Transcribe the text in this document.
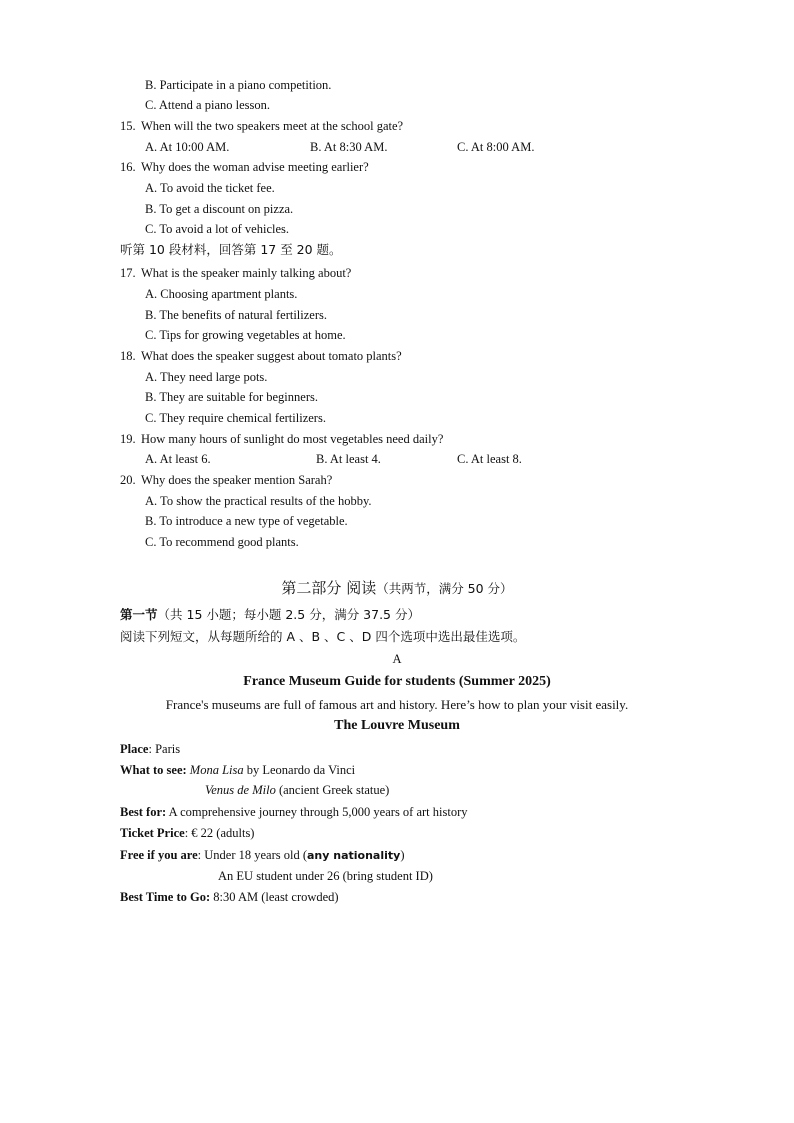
B. Participate in a piano competition.
C. Attend a piano lesson.
15. When will the two speakers meet at the school gate?
A. At 10:00 AM.	B. At 8:30 AM.	C. At 8:00 AM.
16. Why does the woman advise meeting earlier?
A. To avoid the ticket fee.
B. To get a discount on pizza.
C. To avoid a lot of vehicles.
听第 10 段材料，回答第 17 至 20 题。
17. What is the speaker mainly talking about?
A. Choosing apartment plants.
B. The benefits of natural fertilizers.
C. Tips for growing vegetables at home.
18. What does the speaker suggest about tomato plants?
A. They need large pots.
B. They are suitable for beginners.
C. They require chemical fertilizers.
19. How many hours of sunlight do most vegetables need daily?
A. At least 6.	B. At least 4.	C. At least 8.
20. Why does the speaker mention Sarah?
A. To show the practical results of the hobby.
B. To introduce a new type of vegetable.
C. To recommend good plants.
第二部分 阅读（共两节，满分 50 分）
第一节（共 15 小题；每小题 2.5 分，满分 37.5 分）
阅读下列短文，从每题所给的 A 、B 、C 、D 四个选项中选出最佳选项。
A
France Museum Guide for students (Summer 2025)
France's museums are full of famous art and history. Here’s how to plan your visit easily.
The Louvre Museum
Place: Paris
What to see: Mona Lisa by Leonardo da Vinci
Venus de Milo (ancient Greek statue)
Best for: A comprehensive journey through 5,000 years of art history
Ticket Price: € 22 (adults)
Free if you are: Under 18 years old (any nationality)
An EU student under 26 (bring student ID)
Best Time to Go: 8:30 AM (least crowded)
